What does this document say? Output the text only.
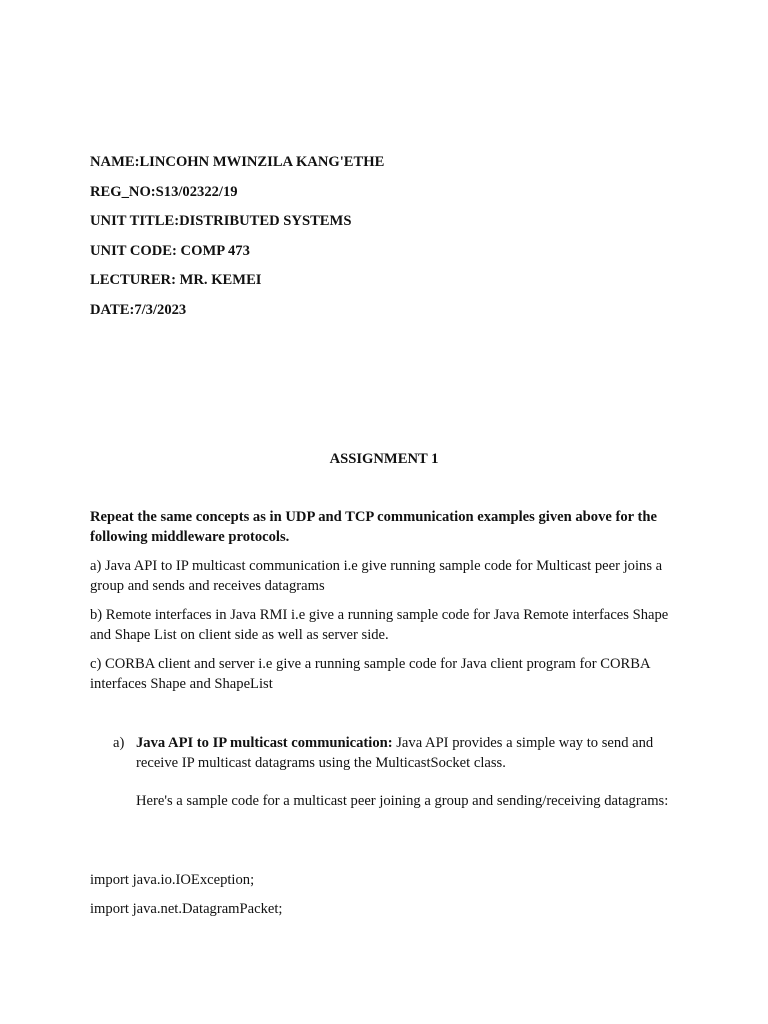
NAME:LINCOHN MWINZILA KANG'ETHE
REG_NO:S13/02322/19
UNIT TITLE:DISTRIBUTED SYSTEMS
UNIT CODE: COMP 473
LECTURER: MR. KEMEI
DATE:7/3/2023
ASSIGNMENT 1
Repeat the same concepts as in UDP and TCP communication examples given above for the following middleware protocols.
a) Java API to IP multicast communication i.e give running sample code for Multicast peer joins a group and sends and receives datagrams
b) Remote interfaces in Java RMI i.e give a running sample code for Java Remote interfaces Shape and Shape List on client side as well as server side.
c) CORBA client and server i.e give a running sample code for Java client program for CORBA interfaces Shape and ShapeList
a) Java API to IP multicast communication: Java API provides a simple way to send and receive IP multicast datagrams using the MulticastSocket class.
Here's a sample code for a multicast peer joining a group and sending/receiving datagrams:
import java.io.IOException;
import java.net.DatagramPacket;
